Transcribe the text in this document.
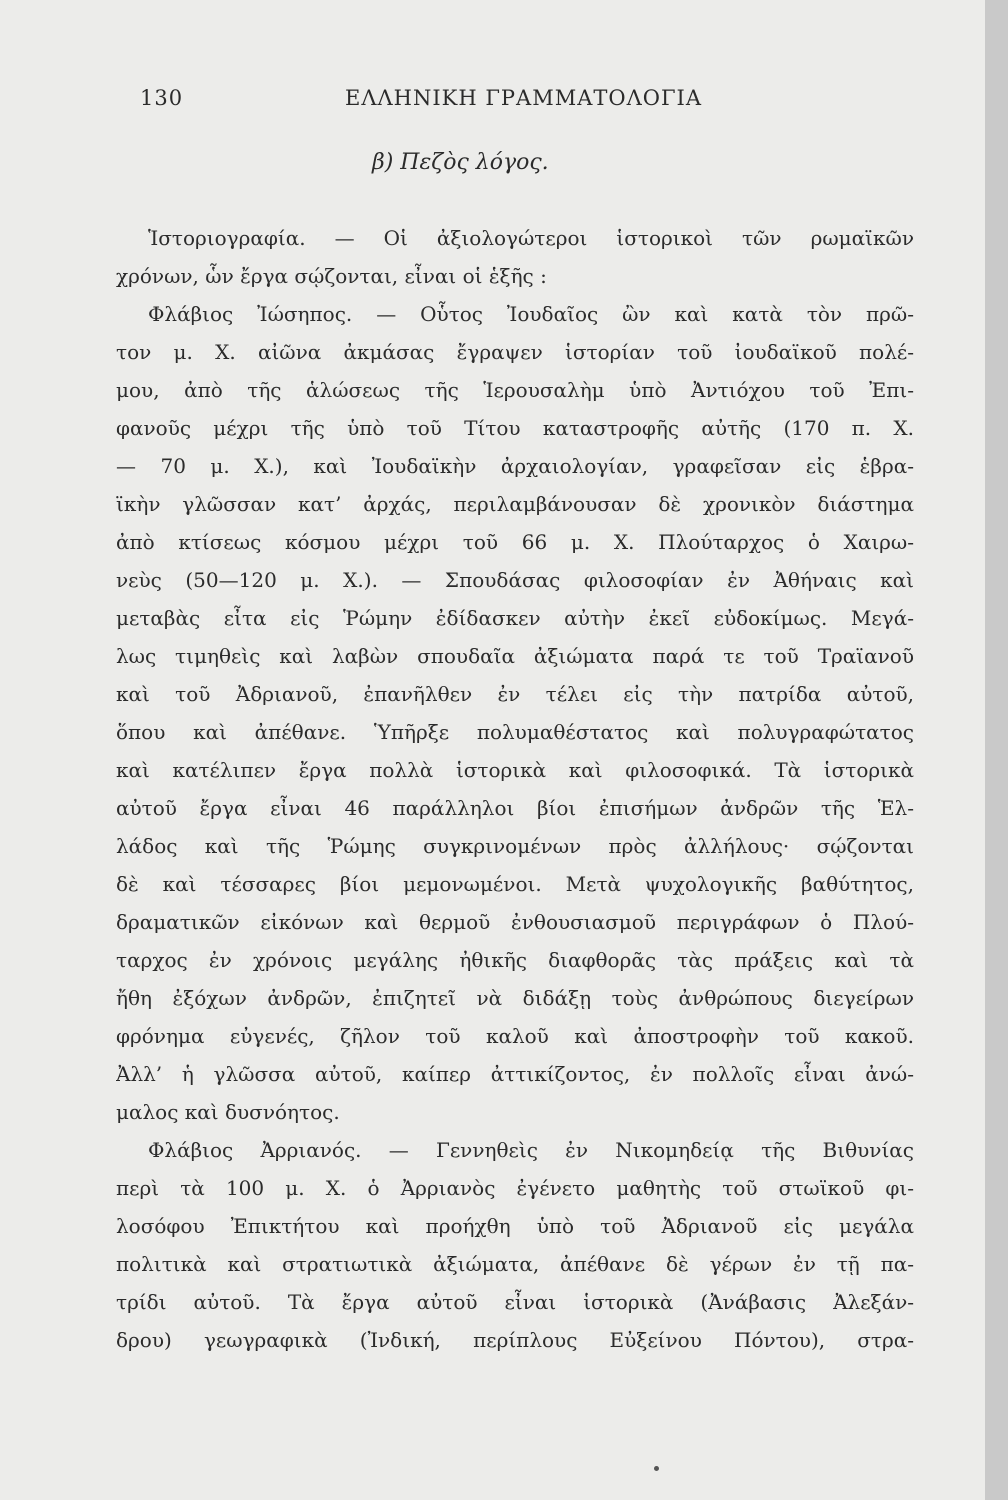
130	ΕΛΛΗΝΙΚΗ ΓΡΑΜΜΑΤΟΛΟΓΙΑ
β) Πεζὸς λόγος.
Ἱστοριογραφία. — Οἱ ἀξιολογώτεροι ἱστορικοὶ τῶν ρωμαϊκῶν
χρόνων, ὧν ἔργα σῴζονται, εἶναι οἱ ἑξῆς :
Φλάβιος Ἰώσηπος. — Οὗτος Ἰουδαῖος ὢν καὶ κατὰ τὸν πρῶ-
τον μ. Χ. αἰῶνα ἀκμάσας ἔγραψεν ἱστορίαν τοῦ ἰουδαϊκοῦ πολέ-
μου, ἀπὸ τῆς ἁλώσεως τῆς Ἱερουσαλὴμ ὑπὸ Ἀντιόχου τοῦ Ἐπι-
φανοῦς μέχρι τῆς ὑπὸ τοῦ Τίτου καταστροφῆς αὐτῆς (170 π. Χ.
— 70 μ. Χ.), καὶ Ἰουδαϊκὴν ἀρχαιολογίαν, γραφεῖσαν εἰς ἑβρα-
ϊκὴν γλῶσσαν κατ’ ἀρχάς, περιλαμβάνουσαν δὲ χρονικὸν διάστημα
ἀπὸ κτίσεως κόσμου μέχρι τοῦ 66 μ. Χ. Πλούταρχος ὁ Χαιρω-
νεὺς (50—120 μ. Χ.). — Σπουδάσας φιλοσοφίαν ἐν Ἀθήναις καὶ
μεταβὰς εἶτα εἰς Ῥώμην ἐδίδασκεν αὐτὴν ἐκεῖ εὐδοκίμως. Μεγά-
λως τιμηθεὶς καὶ λαβὼν σπουδαῖα ἀξιώματα παρά τε τοῦ Τραϊανοῦ
καὶ τοῦ Ἀδριανοῦ, ἐπανῆλθεν ἐν τέλει εἰς τὴν πατρίδα αὐτοῦ,
ὅπου καὶ ἀπέθανε. Ὑπῆρξε πολυμαθέστατος καὶ πολυγραφώτατος
καὶ κατέλιπεν ἔργα πολλὰ ἱστορικὰ καὶ φιλοσοφικά. Τὰ ἱστορικὰ
αὐτοῦ ἔργα εἶναι 46 παράλληλοι βίοι ἐπισήμων ἀνδρῶν τῆς Ἑλ-
λάδος καὶ τῆς Ῥώμης συγκρινομένων πρὸς ἀλλήλους· σῴζονται
δὲ καὶ τέσσαρες βίοι μεμονωμένοι. Μετὰ ψυχολογικῆς βαθύτητος,
δραματικῶν εἰκόνων καὶ θερμοῦ ἐνθουσιασμοῦ περιγράφων ὁ Πλού-
ταρχος ἐν χρόνοις μεγάλης ἠθικῆς διαφθορᾶς τὰς πράξεις καὶ τὰ
ἤθη ἐξόχων ἀνδρῶν, ἐπιζητεῖ νὰ διδάξῃ τοὺς ἀνθρώπους διεγείρων
φρόνημα εὐγενές, ζῆλον τοῦ καλοῦ καὶ ἀποστροφὴν τοῦ κακοῦ.
Ἀλλ’ ἡ γλῶσσα αὐτοῦ, καίπερ ἀττικίζοντος, ἐν πολλοῖς εἶναι ἀνώ-
μαλος καὶ δυσνόητος.
Φλάβιος Ἀρριανός. — Γεννηθεὶς ἐν Νικομηδείᾳ τῆς Βιθυνίας
περὶ τὰ 100 μ. Χ. ὁ Ἀρριανὸς ἐγένετο μαθητὴς τοῦ στωϊκοῦ φι-
λοσόφου Ἐπικτήτου καὶ προήχθη ὑπὸ τοῦ Ἀδριανοῦ εἰς μεγάλα
πολιτικὰ καὶ στρατιωτικὰ ἀξιώματα, ἀπέθανε δὲ γέρων ἐν τῇ πα-
τρίδι αὐτοῦ. Τὰ ἔργα αὐτοῦ εἶναι ἱστορικὰ (Ἀνάβασις Ἀλεξάν-
δρου) γεωγραφικὰ (Ἰνδική, περίπλους Εὐξείνου Πόντου), στρα-
